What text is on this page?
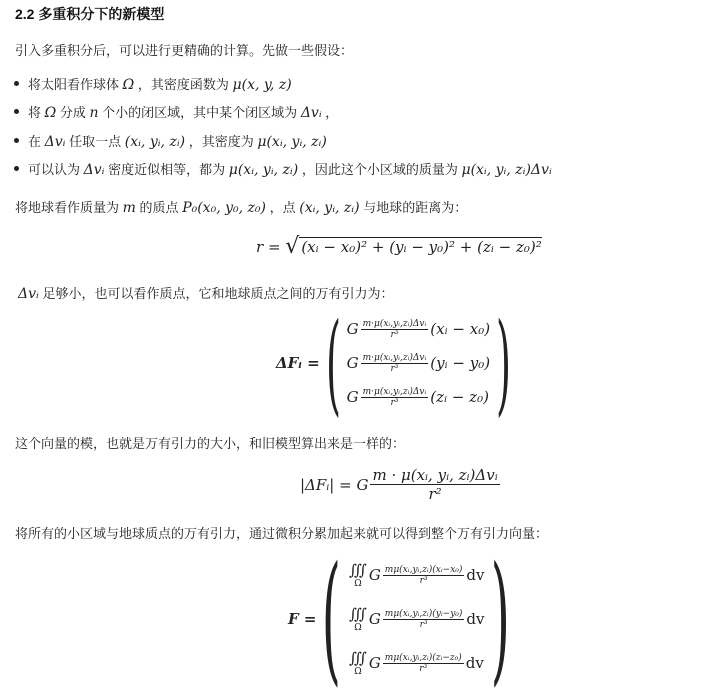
2.2 多重积分下的新模型
引入多重积分后，可以进行更精确的计算。先做一些假设：
将太阳看作球体 Ω ，其密度函数为 μ(x, y, z)
将 Ω 分成 n 个小的闭区域，其中某个闭区域为 Δvᵢ ，
在 Δvᵢ 任取一点 (xᵢ, yᵢ, zᵢ) ，其密度为 μ(xᵢ, yᵢ, zᵢ)
可以认为 Δvᵢ 密度近似相等，都为 μ(xᵢ, yᵢ, zᵢ) ，因此这个小区域的质量为 μ(xᵢ, yᵢ, zᵢ)Δvᵢ
将地球看作质量为 m 的质点 P₀(x₀, y₀, z₀) ，点 (xᵢ, yᵢ, zᵢ) 与地球的距离为：
r =
√ (xᵢ − x₀)² + (yᵢ − y₀)² + (zᵢ − z₀)²
Δvᵢ 足够小，也可以看作质点，它和地球质点之间的万有引力为：
ΔFᵢ = ( G $\frac{\text{m·μ(xᵢ,yᵢ,zᵢ)Δvᵢ}}{\text{r³}}$ (xᵢ − x₀)
G $\frac{\text{m·μ(xᵢ,yᵢ,zᵢ)Δvᵢ}}{\text{r³}}$ (yᵢ − y₀)
G $\frac{\text{m·μ(xᵢ,yᵢ,zᵢ)Δvᵢ}}{\text{r³}}$ (zᵢ − z₀) )
这个向量的模，也就是万有引力的大小，和旧模型算出来是一样的：
|ΔFᵢ| = G $\frac{\text{m · μ(xᵢ, yᵢ, zᵢ)Δvᵢ}}{\text{r²}}$
将所有的小区域与地球质点的万有引力，通过微积分累加起来就可以得到整个万有引力向量：
F = ( ∭
Ω G $\frac{\text{mμ(xᵢ,yᵢ,zᵢ)(xᵢ−x₀)}}{\text{r³}}$ dv
∭
Ω G $\frac{\text{mμ(xᵢ,yᵢ,zᵢ)(yᵢ−y₀)}}{\text{r³}}$ dv
∭
Ω G $\frac{\text{mμ(xᵢ,yᵢ,zᵢ)(zᵢ−z₀)}}{\text{r³}}$ dv )
